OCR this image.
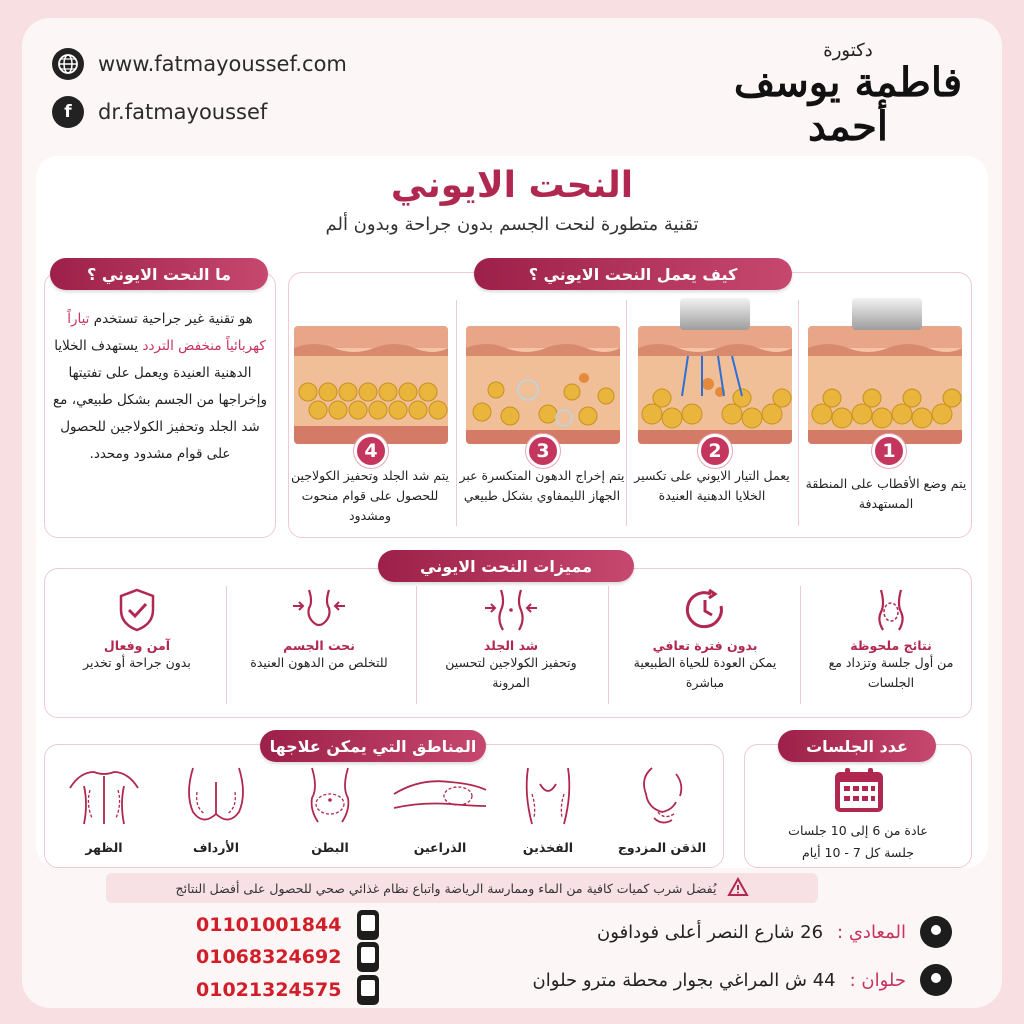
www.fatmayoussef.com
f	dr.fatmayoussef
دكتورة
فاطمة يوسف أحمد
النحت الايوني
تقنية متطورة لنحت الجسم بدون جراحة وبدون ألم
ما النحت الايوني ؟
هو تقنية غير جراحية تستخدم تياراً كهربائياً منخفض التردد يستهدف الخلايا الدهنية العنيدة ويعمل على تفتيتها وإخراجها من الجسم بشكل طبيعي، مع شد الجلد وتحفيز الكولاجين للحصول على قوام مشدود ومحدد.
كيف يعمل النحت الايوني ؟
1
يتم وضع الأقطاب على المنطقة المستهدفة
2
يعمل التيار الايوني على تكسير الخلايا الدهنية العنيدة
3
يتم إخراج الدهون المتكسرة عبر الجهاز الليمفاوي بشكل طبيعي
4
يتم شد الجلد وتحفيز الكولاجين للحصول على قوام منحوت ومشدود
مميزات النحت الايوني
نتائج ملحوظة
من أول جلسة وتزداد مع الجلسات
بدون فترة تعافي
يمكن العودة للحياة الطبيعية مباشرة
شد الجلد
وتحفيز الكولاجين لتحسين المرونة
نحت الجسم
للتخلص من الدهون العنيدة
آمن وفعال
بدون جراحة أو تخدير
المناطق التي يمكن علاجها
الذقن المزدوج
الفخذين
الذراعين
البطن
الأرداف
الظهر
عدد الجلسات
عادة من 6 إلى 10 جلسات
جلسة كل 7 - 10 أيام
يُفضل شرب كميات كافية من الماء وممارسة الرياضة واتباع نظام غذائي صحي للحصول على أفضل النتائج
01101001844
01068324692
01021324575
المعادي :
26 شارع النصر أعلى فودافون
حلوان :
44 ش المراغي بجوار محطة مترو حلوان
